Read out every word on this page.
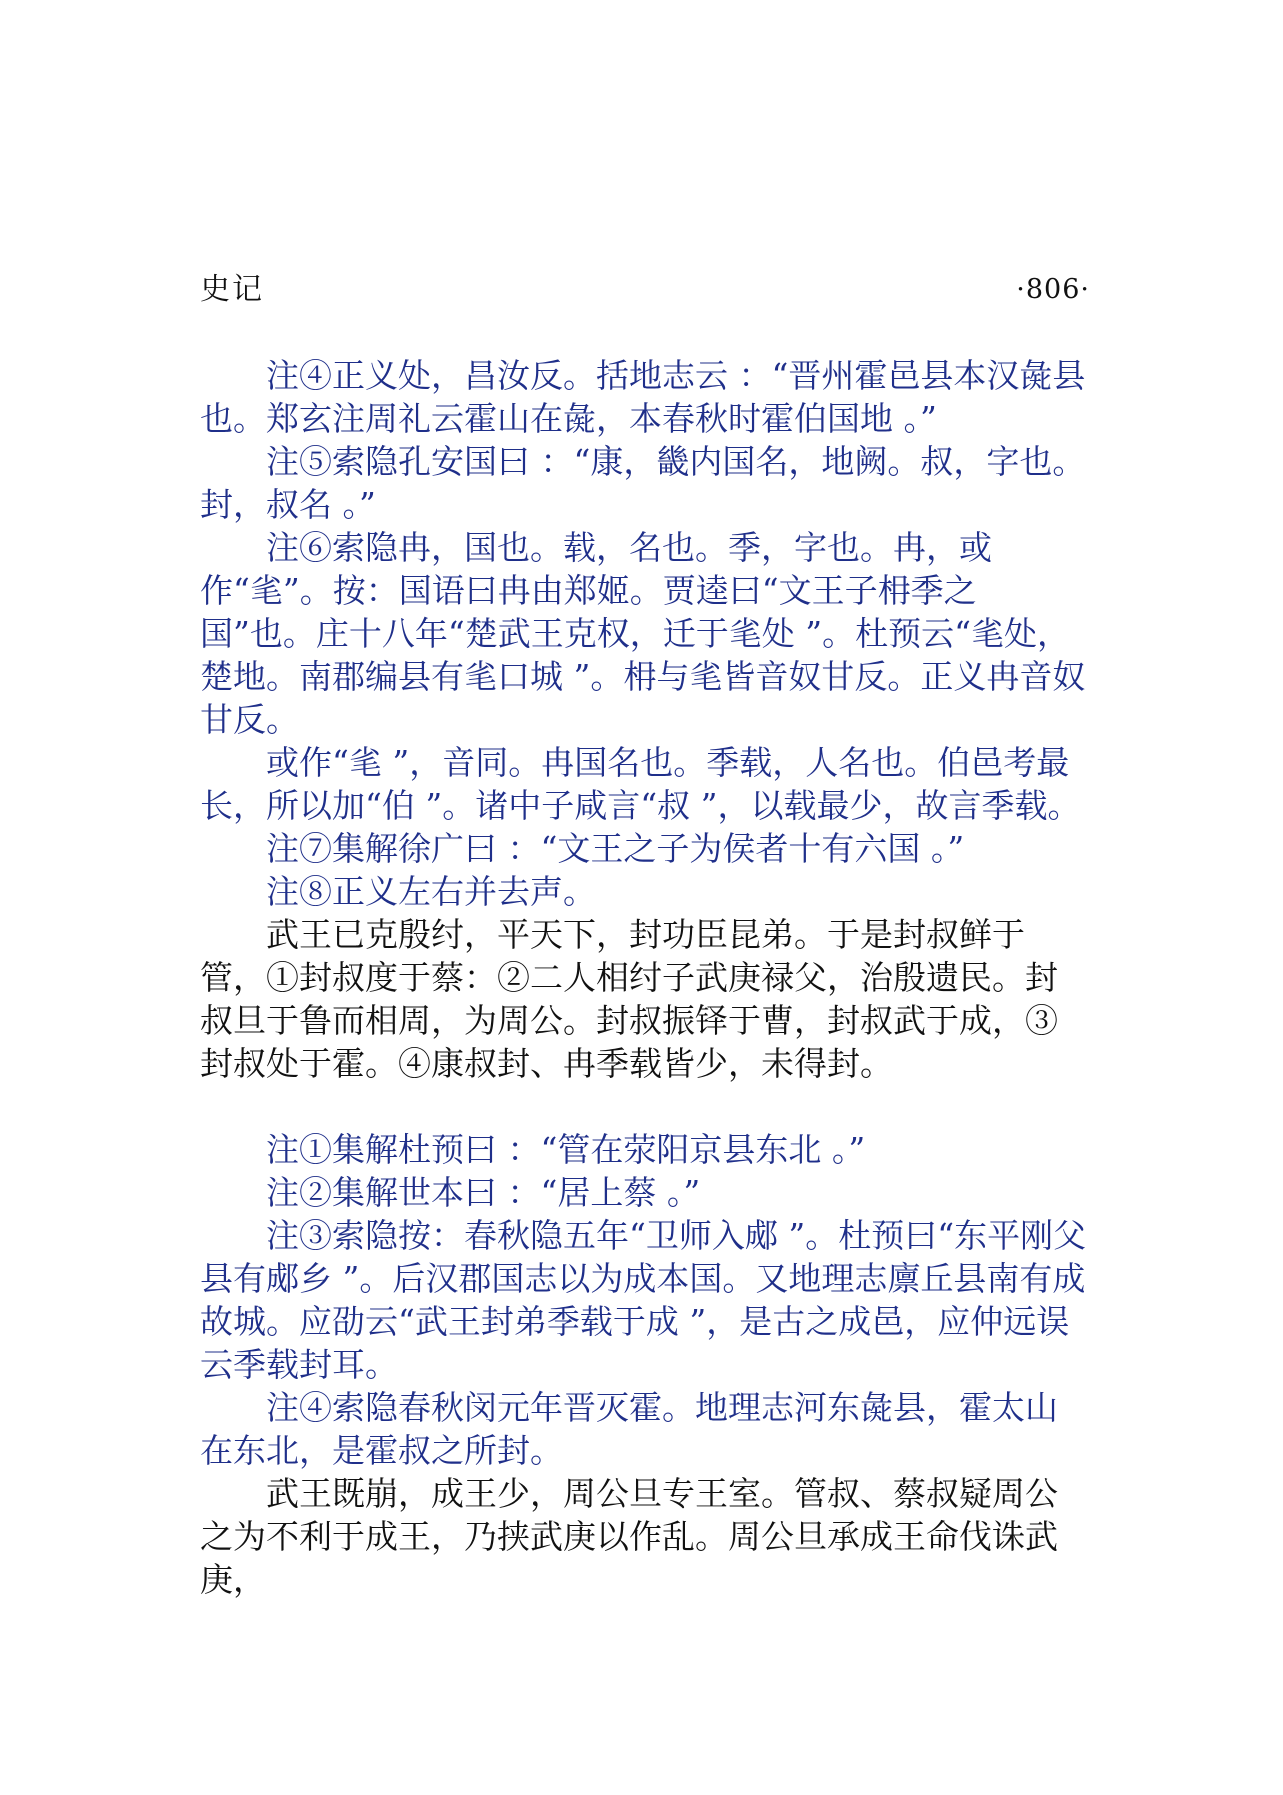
史记	·806·

注④正义处，昌汝反。括地志云 ：“晋州霍邑县本汉彘县也。郑玄注周礼云霍山在彘，本春秋时霍伯国地 。”

注⑤索隐孔安国曰 ：“康，畿内国名，地阙。叔，字也。封，叔名 。”

注⑥索隐冉，国也。载，名也。季，字也。冉，或作“毟”。按：国语曰冉由郑姬。贾逵曰“文王子枏季之国”也。庄十八年“楚武王克权，迁于毟处 ”。杜预云“毟处，楚地。南郡编县有毟口城 ”。枏与毟皆音奴甘反。正义冉音奴甘反。

或作“毟 ”，音同。冉国名也。季载，人名也。伯邑考最长，所以加“伯 ”。诸中子咸言“叔 ”，以载最少，故言季载。

注⑦集解徐广曰 ：“文王之子为侯者十有六国 。”

注⑧正义左右并去声。

武王已克殷纣，平天下，封功臣昆弟。于是封叔鲜于管，①封叔度于蔡：②二人相纣子武庚禄父，治殷遗民。封叔旦于鲁而相周，为周公。封叔振铎于曹，封叔武于成，③封叔处于霍。④康叔封、冉季载皆少，未得封。

注①集解杜预曰 ：“管在荥阳京县东北 。”

注②集解世本曰 ：“居上蔡 。”

注③索隐按：春秋隐五年“卫师入郕 ”。杜预曰“东平刚父县有郕乡 ”。后汉郡国志以为成本国。又地理志廪丘县南有成故城。应劭云“武王封弟季载于成 ”，是古之成邑，应仲远误云季载封耳。

注④索隐春秋闵元年晋灭霍。地理志河东彘县，霍太山在东北，是霍叔之所封。

武王既崩，成王少，周公旦专王室。管叔、蔡叔疑周公之为不利于成王，乃挟武庚以作乱。周公旦承成王命伐诛武庚，
